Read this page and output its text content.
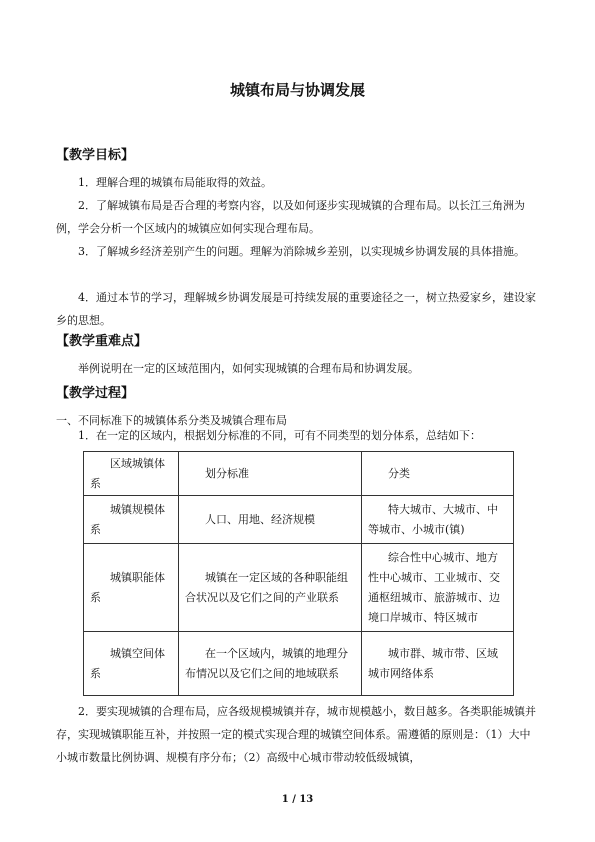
城镇布局与协调发展
【教学目标】
1．理解合理的城镇布局能取得的效益。
2．了解城镇布局是否合理的考察内容，以及如何逐步实现城镇的合理布局。以长江三角洲为例，学会分析一个区域内的城镇应如何实现合理布局。
3．了解城乡经济差别产生的问题。理解为消除城乡差别，以实现城乡协调发展的具体措施。
4．通过本节的学习，理解城乡协调发展是可持续发展的重要途径之一，树立热爱家乡，建设家乡的思想。
【教学重难点】
举例说明在一定的区域范围内，如何实现城镇的合理布局和协调发展。
【教学过程】
一、不同标准下的城镇体系分类及城镇合理布局
1．在一定的区域内，根据划分标准的不同，可有不同类型的划分体系，总结如下：
区域城镇体系	划分标准	分类
城镇规模体系	人口、用地、经济规模	特大城市、大城市、中等城市、小城市(镇)
城镇职能体系	城镇在一定区域的各种职能组合状况以及它们之间的产业联系	综合性中心城市、地方性中心城市、工业城市、交通枢纽城市、旅游城市、边境口岸城市、特区城市
城镇空间体系	在一个区域内，城镇的地理分布情况以及它们之间的地域联系	城市群、城市带、区域城市网络体系
2．要实现城镇的合理布局，应各级规模城镇并存，城市规模越小，数目越多。各类职能城镇并存，实现城镇职能互补，并按照一定的模式实现合理的城镇空间体系。需遵循的原则是：（1）大中小城市数量比例协调、规模有序分布；（2）高级中心城市带动较低级城镇，
1 / 13
